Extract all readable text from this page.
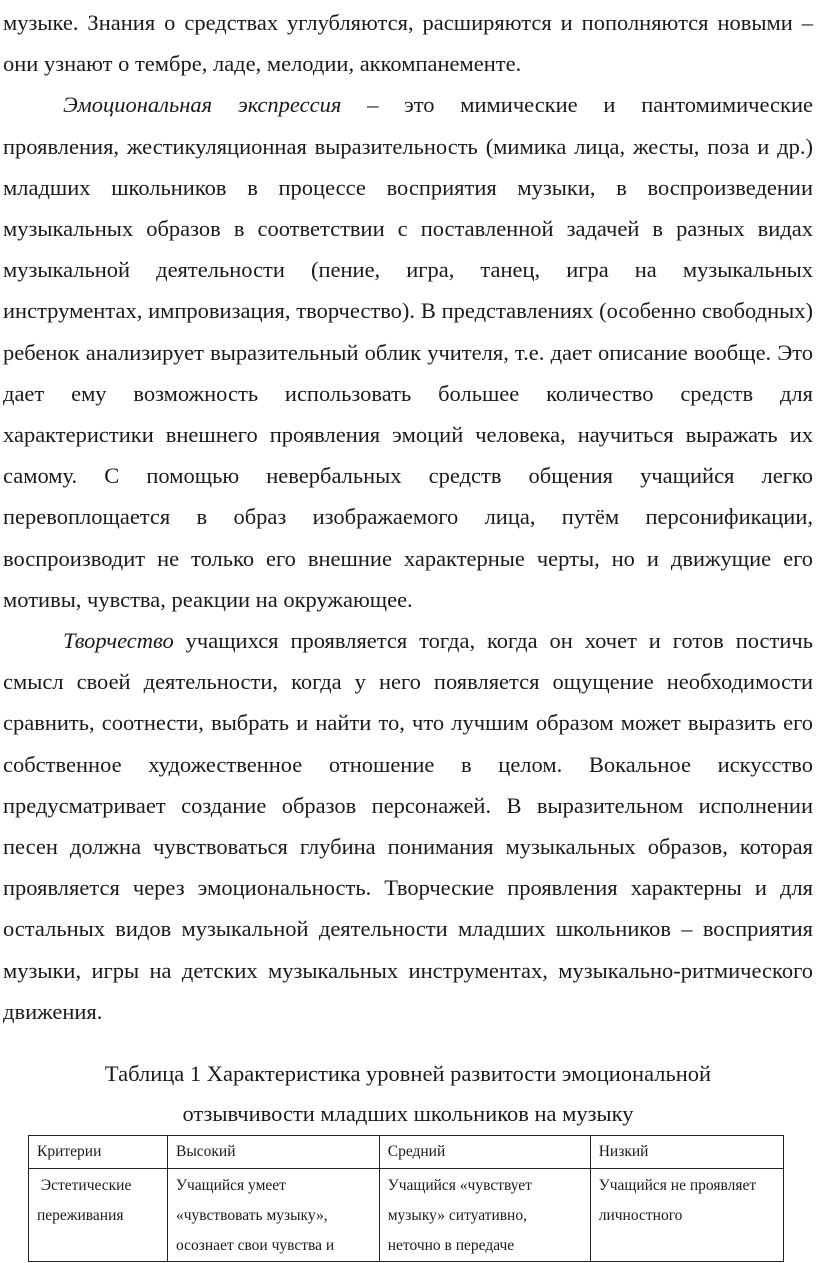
музыке. Знания о средствах углубляются, расширяются и пополняются новыми – они узнают о тембре, ладе, мелодии, аккомпанементе.

Эмоциональная экспрессия – это мимические и пантомимические проявления, жестикуляционная выразительность (мимика лица, жесты, поза и др.) младших школьников в процессе восприятия музыки, в воспроизведении музыкальных образов в соответствии с поставленной задачей в разных видах музыкальной деятельности (пение, игра, танец, игра на музыкальных инструментах, импровизация, творчество). В представлениях (особенно свободных) ребенок анализирует выразительный облик учителя, т.е. дает описание вообще. Это дает ему возможность использовать большее количество средств для характеристики внешнего проявления эмоций человека, научиться выражать их самому. С помощью невербальных средств общения учащийся легко перевоплощается в образ изображаемого лица, путём персонификации, воспроизводит не только его внешние характерные черты, но и движущие его мотивы, чувства, реакции на окружающее.

Творчество учащихся проявляется тогда, когда он хочет и готов постичь смысл своей деятельности, когда у него появляется ощущение необходимости сравнить, соотнести, выбрать и найти то, что лучшим образом может выразить его собственное художественное отношение в целом. Вокальное искусство предусматривает создание образов персонажей. В выразительном исполнении песен должна чувствоваться глубина понимания музыкальных образов, которая проявляется через эмоциональность. Творческие проявления характерны и для остальных видов музыкальной деятельности младших школьников – восприятия музыки, игры на детских музыкальных инструментах, музыкально-ритмического движения.

Таблица 1 Характеристика уровней развитости эмоциональной
отзывчивости младших школьников на музыку
Критерии	Высокий	Средний	Низкий
Эстетические переживания	Учащийся умеет «чувствовать музыку», осознает свои чувства и	Учащийся «чувствует музыку» ситуативно, неточно в передаче	Учащийся не проявляет личностного
